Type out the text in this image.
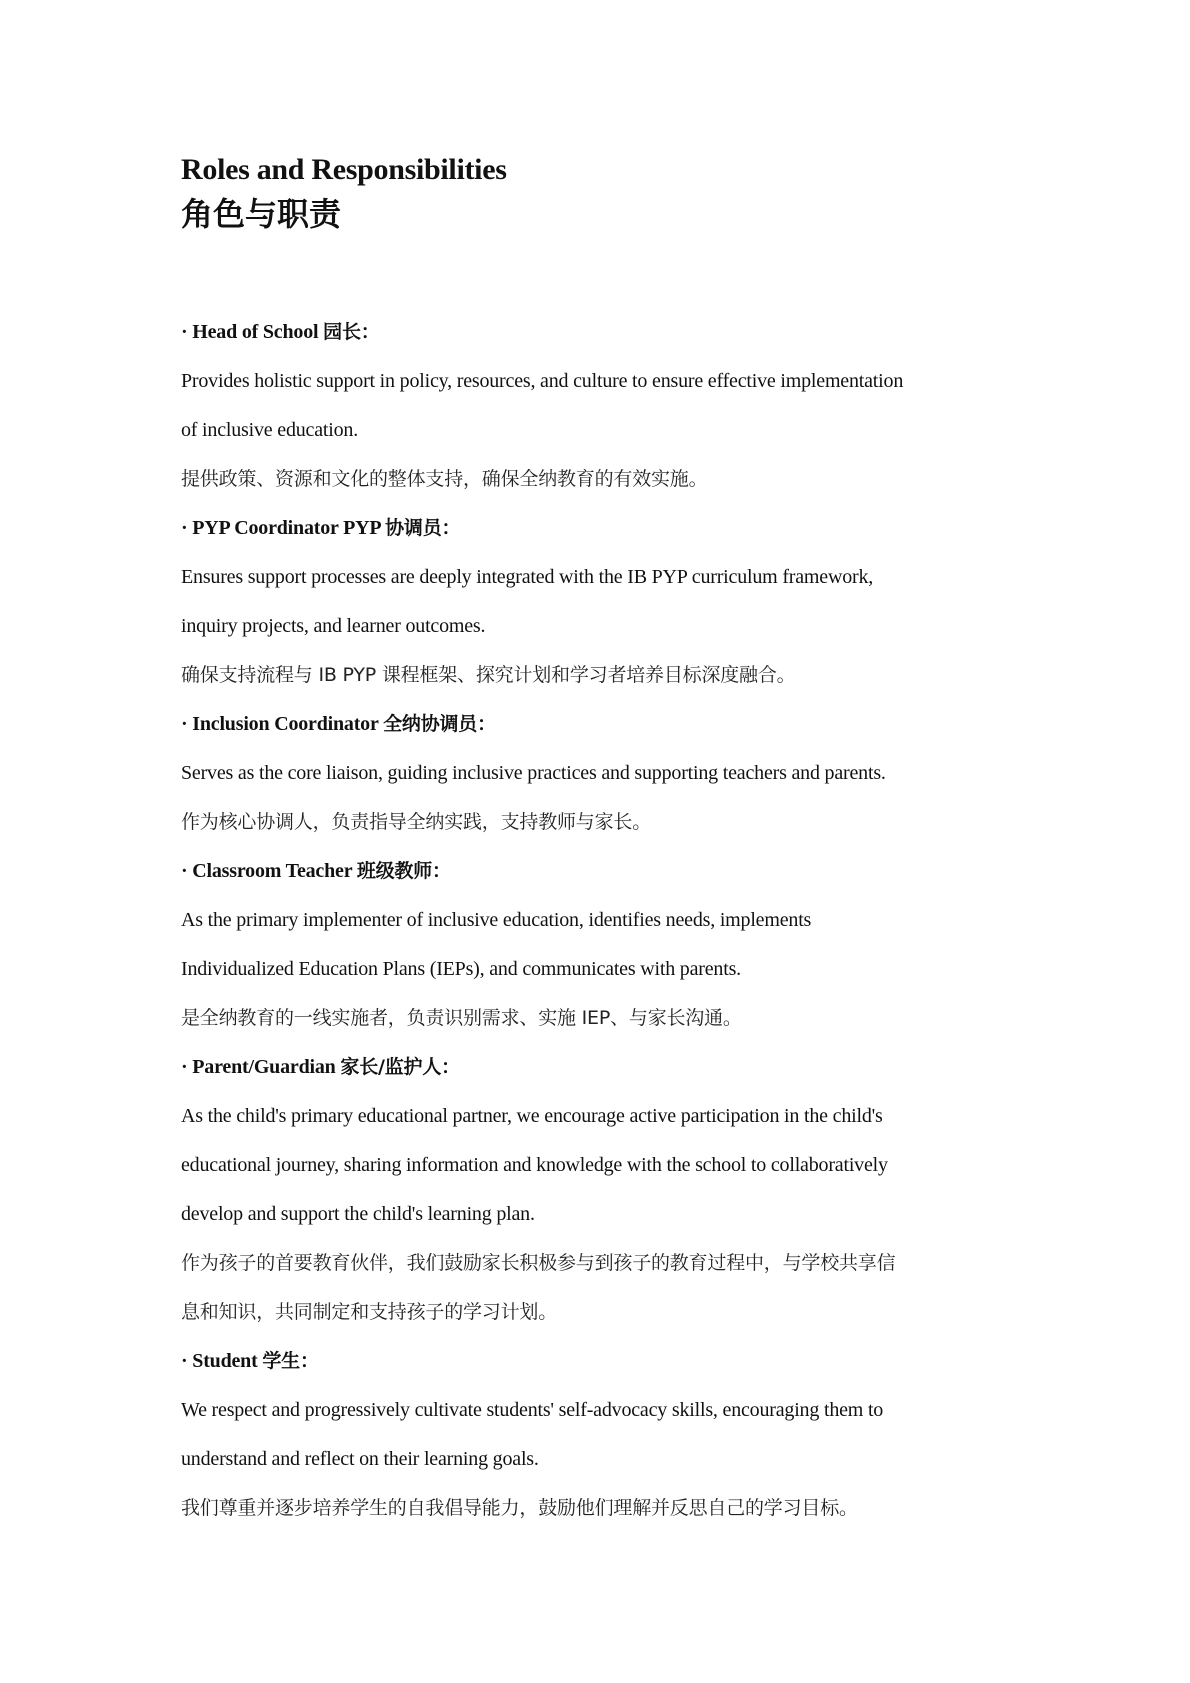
Roles and Responsibilities
角色与职责
· Head of School 园长：
Provides holistic support in policy, resources, and culture to ensure effective implementation
of inclusive education.
提供政策、资源和文化的整体支持，确保全纳教育的有效实施。
· PYP Coordinator PYP 协调员：
Ensures support processes are deeply integrated with the IB PYP curriculum framework,
inquiry projects, and learner outcomes.
确保支持流程与 IB PYP 课程框架、探究计划和学习者培养目标深度融合。
· Inclusion Coordinator 全纳协调员：
Serves as the core liaison, guiding inclusive practices and supporting teachers and parents.
作为核心协调人，负责指导全纳实践，支持教师与家长。
· Classroom Teacher 班级教师：
As the primary implementer of inclusive education, identifies needs, implements
Individualized Education Plans (IEPs), and communicates with parents.
是全纳教育的一线实施者，负责识别需求、实施 IEP、与家长沟通。
· Parent/Guardian 家长/监护人：
As the child's primary educational partner, we encourage active participation in the child's
educational journey, sharing information and knowledge with the school to collaboratively
develop and support the child's learning plan.
作为孩子的首要教育伙伴，我们鼓励家长积极参与到孩子的教育过程中，与学校共享信
息和知识，共同制定和支持孩子的学习计划。
· Student 学生：
We respect and progressively cultivate students' self-advocacy skills, encouraging them to
understand and reflect on their learning goals.
我们尊重并逐步培养学生的自我倡导能力，鼓励他们理解并反思自己的学习目标。
